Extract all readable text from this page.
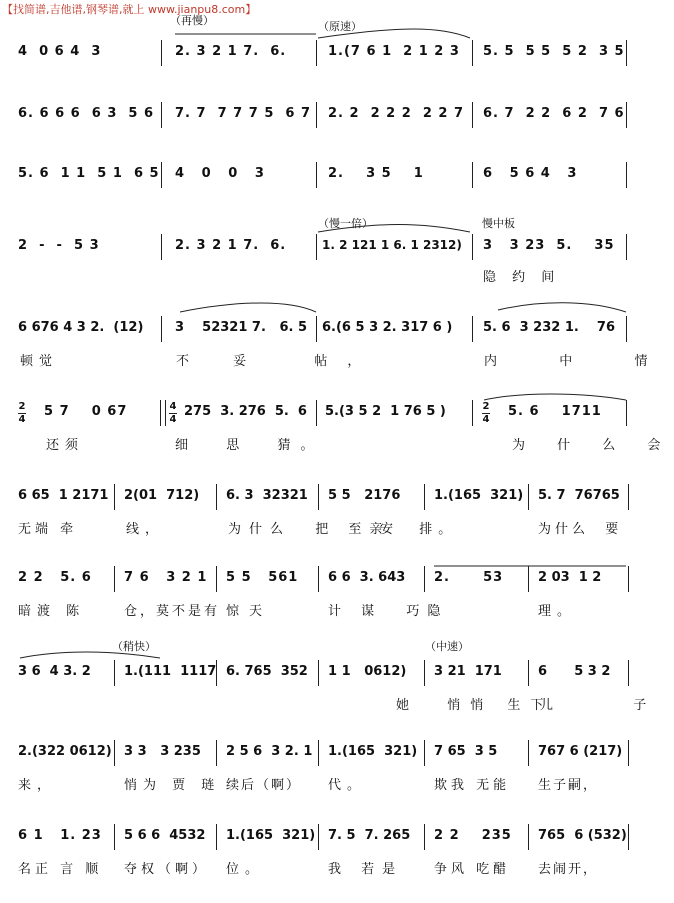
【找简谱,吉他谱,钢琴谱,就上 www.jianpu8.com】
（再慢）	（原速）
（慢一倍）	慢中板
（稍快）	（中速）
4  0 6 4  3	2. 3 2 1 7.  6.	1.(7 6 1  2 1 2 3 5. 5  5 5  5 2  3 5
6. 6 6 6  6 3  5 6 7. 7  7 7 7 5  6 7 2. 2  2 2 2  2 2 7 6. 7  2 2  6 2  7 6
5. 6  1 1  5 1  6 5 4   0   0   3	2.    3 5    1	6   5 6 4   3
2  -  -  5 3	2. 3 2 1 7.  6.	1. 2 121 1 6. 1 2312) 3   3 23  5.    35
隐 约 间
6 676 4 3 2.  (12) 3    52321 7.   6. 5 6.(6 5 3 2. 317 6 ) 5. 6  3 232 1.    76
顿觉	不 妥  帖，	内  中  情
2
4
5 7    0 67	4
4
275  3. 276  5.  6 5.(3 5 2  1 76 5 )	2
4
5. 6    1711
还须	细  思  猜。	为 什 么 会
6 65  1 2171 2(01  712) 6. 3  32321 5 5   2176	1.(165  321) 5. 7  76765
无端 牵	线，	为什么  把 至亲
安  排。	为什么  要
2 2   5. 6 7 6   3 2 1 5 5   561 6 6  3. 643 2.      53	2 03  1 2
暗渡 陈	仓，莫不是有 惊天	计 谋  巧隐	理。
3 6  4 3. 2	1.(111  1117 6. 765  352 1 1   0612) 3 21  171	6      5 3 2
她  悄悄 生下
儿  子
2.(322 0612) 3 3   3 235 2 5 6  3 2. 1 1.(165  321) 7 65  3 5	767 6 (217)
来，	悄为 贾 琏 续后（啊） 代。	欺我 无能 生子嗣，
6 1   1. 23 5 6 6  4532 1.(165  321) 7. 5  7. 265 2 2    235 765  6 (532)
名正 言 顺 夺权（啊） 位。	我 若是 争风 吃醋 去闹开，
